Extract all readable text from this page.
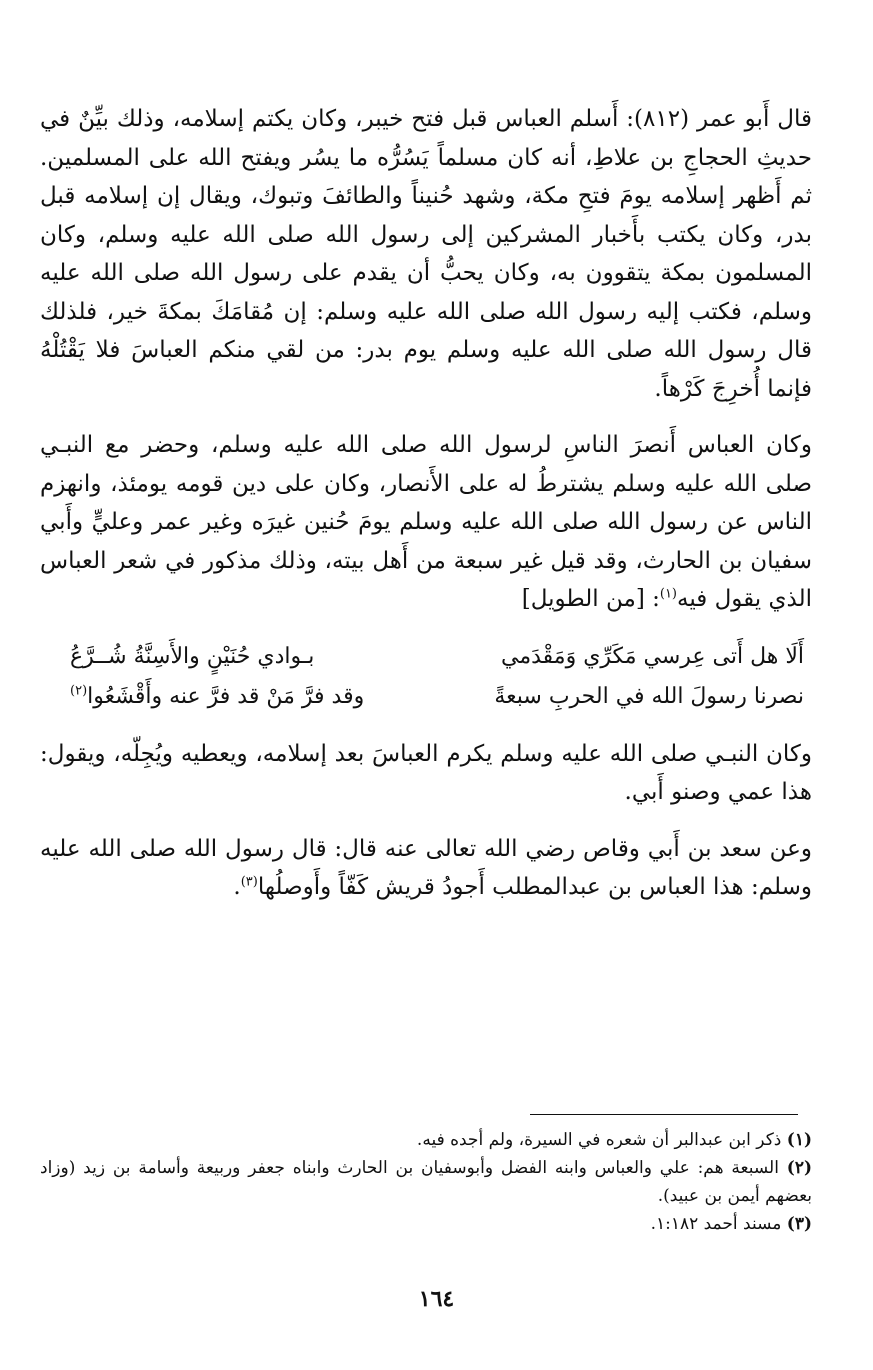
قال أَبو عمر (٨١٢): أَسلم العباس قبل فتح خيبر، وكان يكتم إسلامه، وذلك بيِّنٌ في حديثِ الحجاجِ بن علاطِ، أنه كان مسلماً يَسُرُّه ما يسُر ويفتح الله على المسلمين. ثم أَظهر إسلامه يومَ فتحِ مكة، وشهد حُنيناً والطائفَ وتبوك، ويقال إن إسلامه قبل بدر، وكان يكتب بأَخبار المشركين إلى رسول الله صلى الله عليه وسلم، وكان المسلمون بمكة يتقوون به، وكان يحبُّ أن يقدم على رسول الله صلى الله عليه وسلم، فكتب إليه رسول الله صلى الله عليه وسلم: إن مُقامَكَ بمكةَ خير، فلذلك قال رسول الله صلى الله عليه وسلم يوم بدر: من لقي منكم العباسَ فلا يَقْتُلْهُ فإنما أُخرِجَ كَرْهاً.

وكان العباس أَنصرَ الناسِ لرسول الله صلى الله عليه وسلم، وحضر مع النبـي صلى الله عليه وسلم يشترطُ له على الأَنصار، وكان على دين قومه يومئذ، وانهزم الناس عن رسول الله صلى الله عليه وسلم يومَ حُنين غيرَه وغير عمر وعليٍّ وأَبي سفيان بن الحارث، وقد قيل غير سبعة من أَهل بيته، وذلك مذكور في شعر العباس الذي يقول فيه$^{(١)}$: [من الطويل]

أَلَا هل أَتى عِرسي مَكَرِّي وَمَقْدَمي
بـوادي حُنَيْنٍ والأَسِنَّةُ شُــرَّعُ
نصرنا رسولَ الله في الحربِ سبعةً
وقد فرَّ مَنْ قد فرَّ عنه وأَقْشَعُوا$^{(٢)}$

وكان النبـي صلى الله عليه وسلم يكرم العباسَ بعد إسلامه، ويعطيه ويُجِلّه، ويقول: هذا عمي وصنو أَبي.

وعن سعد بن أَبي وقاص رضي الله تعالى عنه قال: قال رسول الله صلى الله عليه وسلم: هذا العباس بن عبدالمطلب أَجودُ قريش كَفّاً وأَوصلُها$^{(٣)}$.

(١) ذكر ابن عبدالبر أن شعره في السيرة، ولم أجده فيه.

(٢) السبعة هم: علي والعباس وابنه الفضل وأبوسفيان بن الحارث وابناه جعفر وربيعة وأسامة بن زيد (وزاد بعضهم أيمن بن عبيد).

(٣) مسند أحمد ١:١٨٢.

١٦٤
